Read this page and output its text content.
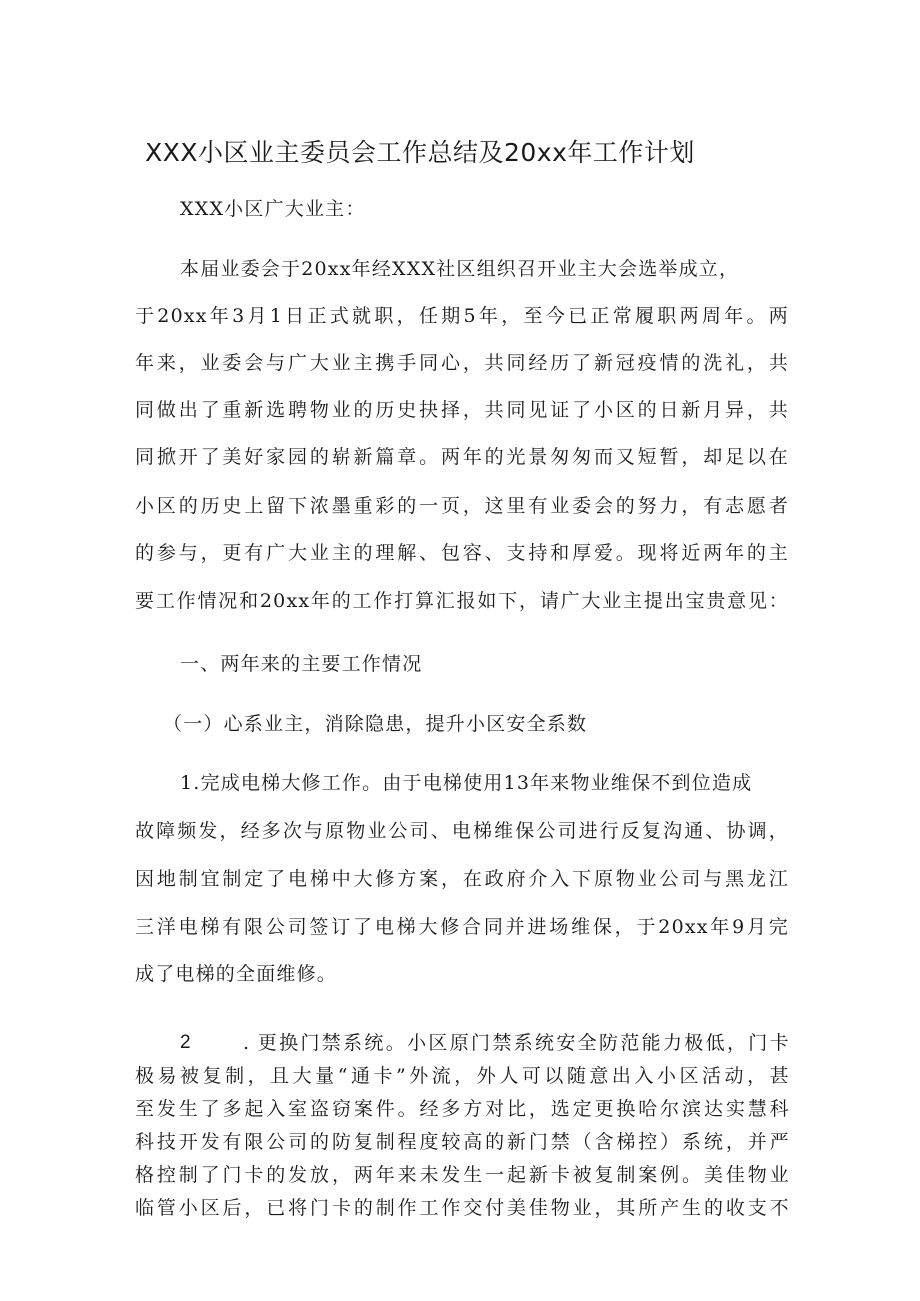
XXX小区业主委员会工作总结及20xx年工作计划
XXX小区广大业主：
本届业委会于20xx年经XXX社区组织召开业主大会选举成立，
于20xx年3月1日正式就职，任期5年，至今已正常履职两周年。两
年来，业委会与广大业主携手同心，共同经历了新冠疫情的洗礼，共
同做出了重新选聘物业的历史抉择，共同见证了小区的日新月异，共
同掀开了美好家园的崭新篇章。两年的光景匆匆而又短暂，却足以在
小区的历史上留下浓墨重彩的一页，这里有业委会的努力，有志愿者
的参与，更有广大业主的理解、包容、支持和厚爱。现将近两年的主
要工作情况和20xx年的工作打算汇报如下，请广大业主提出宝贵意见：
一、两年来的主要工作情况
（一）心系业主，消除隐患，提升小区安全系数
1.完成电梯大修工作。由于电梯使用13年来物业维保不到位造成
故障频发，经多次与原物业公司、电梯维保公司进行反复沟通、协调，
因地制宜制定了电梯中大修方案，在政府介入下原物业公司与黑龙江
三洋电梯有限公司签订了电梯大修合同并进场维保，于20xx年9月完
成了电梯的全面维修。
2	. 更换门禁系统。小区原门禁系统安全防范能力极低，门卡
极易被复制，且大量“通卡”外流，外人可以随意出入小区活动，甚
至发生了多起入室盗窃案件。经多方对比，选定更换哈尔滨达实慧科
科技开发有限公司的防复制程度较高的新门禁（含梯控）系统，并严
格控制了门卡的发放，两年来未发生一起新卡被复制案例。美佳物业
临管小区后，已将门卡的制作工作交付美佳物业，其所产生的收支不
